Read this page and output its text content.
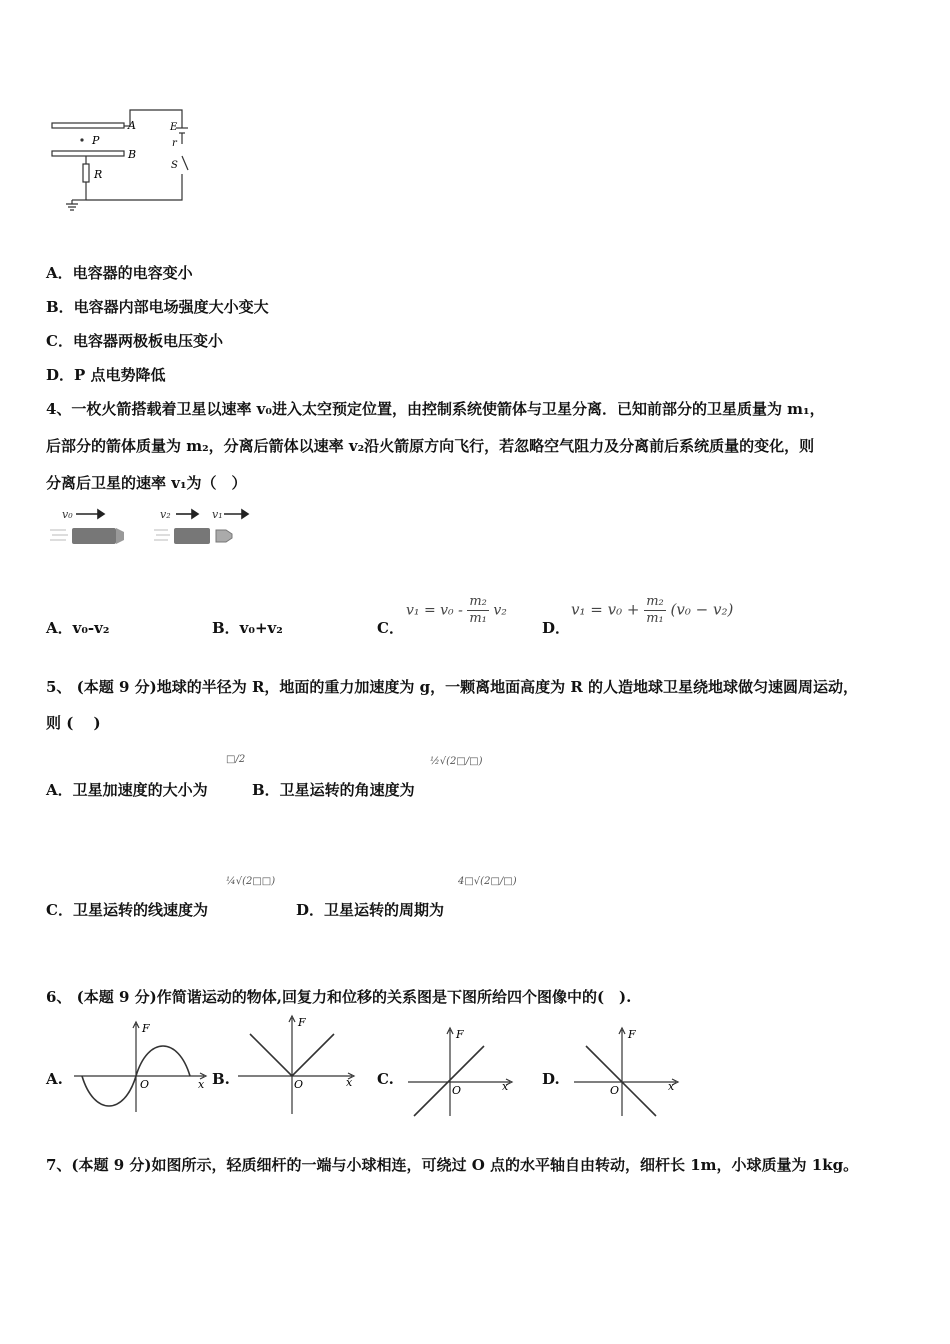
A
B
P
R
E
r
S
A．电容器的电容变小
B．电容器内部电场强度大小变大
C．电容器两极板电压变小
D．P 点电势降低
4、一枚火箭搭载着卫星以速率 v₀进入太空预定位置，由控制系统使箭体与卫星分离．已知前部分的卫星质量为 m₁，
后部分的箭体质量为 m₂，分离后箭体以速率 v₂沿火箭原方向飞行，若忽略空气阻力及分离前后系统质量的变化，则
分离后卫星的速率 v₁为（　）
v₀	v₂	v₁
A．v₀-v₂	B．v₀+v₂	C．
$v_1 = v_0 - \frac{\text{m₂}}{\text{m₁}} v_2$
D．
$v_1 = v_0 + \frac{\text{m₂}}{\text{m₁}} (v_0 - v_2)$
5、 (本题 9 分)地球的半径为 R，地面的重力加速度为 g，一颗离地面高度为 R 的人造地球卫星绕地球做匀速圆周运动，
则 (　 )
A．卫星加速度的大小为
□/2
B．卫星运转的角速度为
½√(2□/□)
C．卫星运转的线速度为
¼√(2□□)
D．卫星运转的周期为
4□√(2□/□)
6、 (本题 9 分)作简谐运动的物体,回复力和位移的关系图是下图所给四个图像中的(　).
A.
F
x
O	B.
F
x
O	C.
F
x
O
D.
F
x
O
7、(本题 9 分)如图所示，轻质细杆的一端与小球相连，可绕过 O 点的水平轴自由转动，细杆长 1m，小球质量为 1kg。
